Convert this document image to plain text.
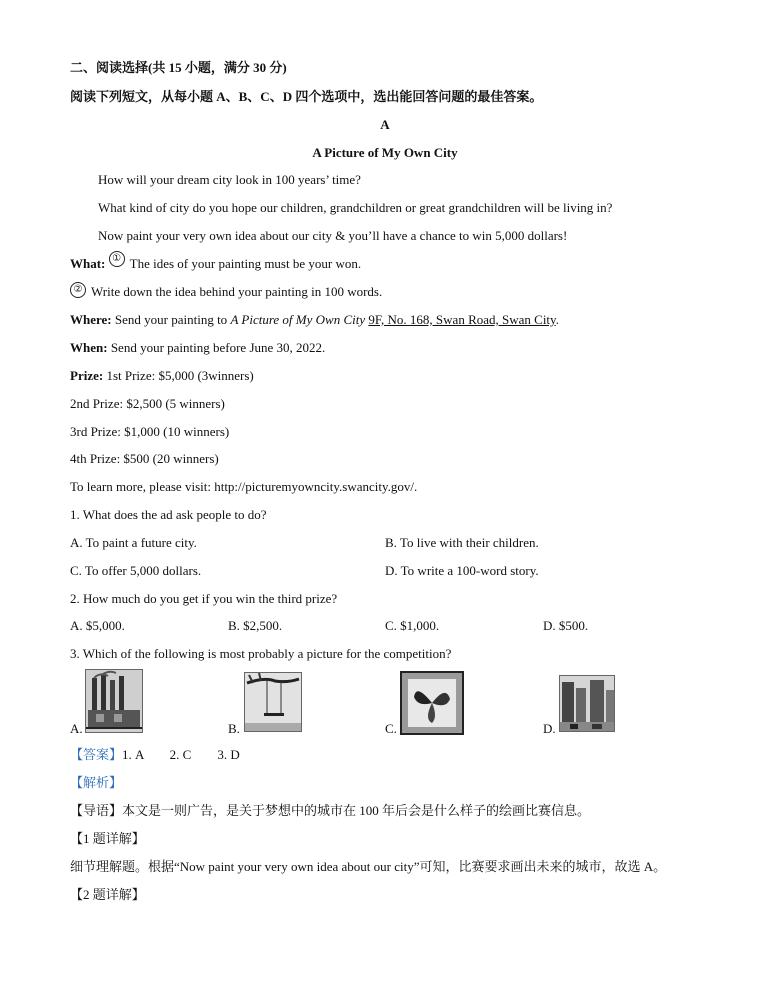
二、阅读选择(共 15 小题，满分 30 分)
阅读下列短文，从每小题 A、B、C、D 四个选项中，选出能回答问题的最佳答案。
A
A Picture of My Own City
How will your dream city look in 100 years’ time?
What kind of city do you hope our children, grandchildren or great grandchildren will be living in?
Now paint your very own idea about our city & you’ll have a chance to win 5,000 dollars!
What: ① The ides of your painting must be your won.
② Write down the idea behind your painting in 100 words.
Where: Send your painting to A Picture of My Own City 9F, No. 168, Swan Road, Swan City.
When: Send your painting before June 30, 2022.
Prize: 1st Prize: $5,000 (3winners)
2nd Prize: $2,500 (5 winners)
3rd Prize: $1,000 (10 winners)
4th Prize: $500 (20 winners)
To learn more, please visit: http://picturemyowncity.swancity.gov/.
1. What does the ad ask people to do?
A. To paint a future city.	B. To live with their children.
C. To offer 5,000 dollars.	D. To write a 100-word story.
2. How much do you get if you win the third prize?
A. $5,000.	B. $2,500.	C. $1,000.	D. $500.
3. Which of the following is most probably a picture for the competition?
A.	B.	C.	D.
【答案】1. A        2. C        3. D
【解析】
【导语】本文是一则广告，是关于梦想中的城市在 100 年后会是什么样子的绘画比赛信息。
【1 题详解】
细节理解题。根据“Now paint your very own idea about our city”可知，比赛要求画出未来的城市，故选 A。
【2 题详解】
